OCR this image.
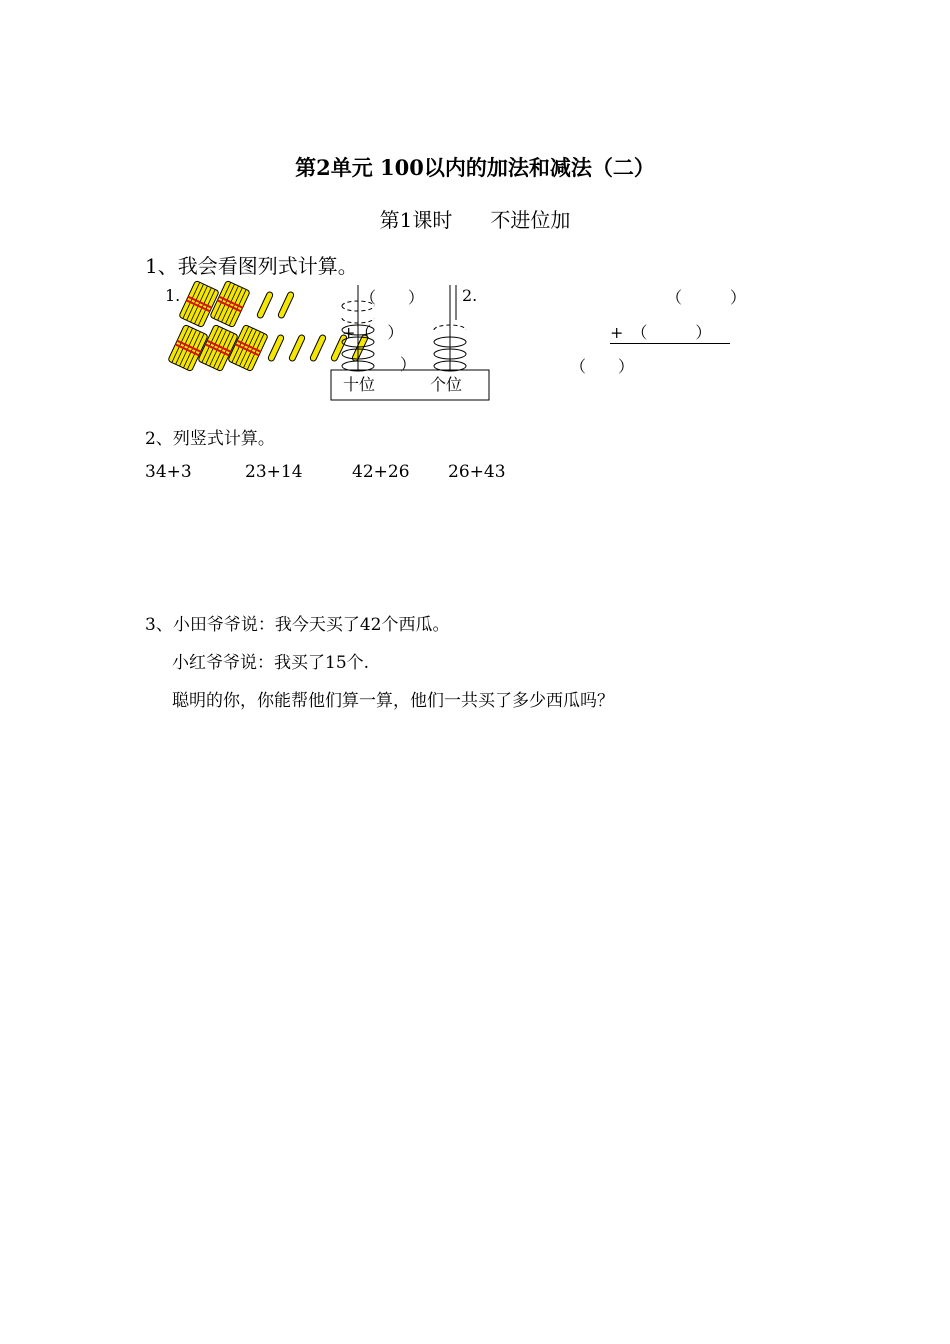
第2单元 100以内的加法和减法（二）
第1课时 不进位加
1、我会看图列式计算。
1.	（　　）
+（　）
）
十位	个位
2.	（　　　）
+　（　　　）
（　　）
2、列竖式计算。
34+3	23+14	42+26 26+43
3、小田爷爷说：我今天买了42个西瓜。
小红爷爷说：我买了15个.
聪明的你，你能帮他们算一算，他们一共买了多少西瓜吗？
